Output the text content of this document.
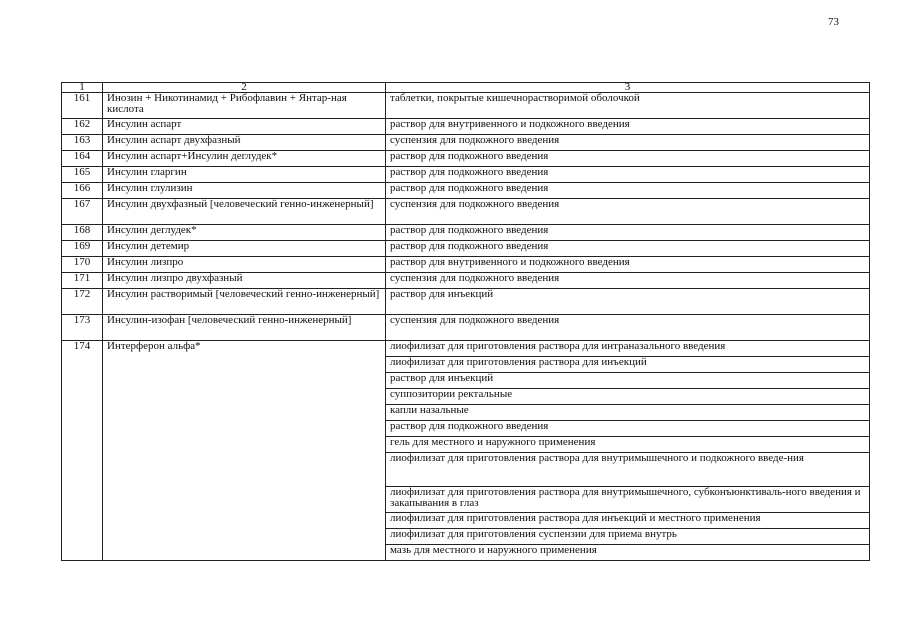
73
1	2	3
161	Инозин + Никотинамид + Рибофлавин + Янтар-ная кислота	таблетки, покрытые кишечнорастворимой оболочкой
162	Инсулин аспарт	раствор для внутривенного и подкожного введения
163	Инсулин аспарт двухфазный	суспензия для подкожного введения
164	Инсулин аспарт+Инсулин деглудек*	раствор для подкожного введения
165	Инсулин гларгин	раствор для подкожного введения
166	Инсулин глулизин	раствор для подкожного введения
167	Инсулин двухфазный [человеческий генно-инженерный]	суспензия для подкожного введения
168	Инсулин деглудек*	раствор для подкожного введения
169	Инсулин детемир	раствор для подкожного введения
170	Инсулин лизпро	раствор для внутривенного и подкожного введения
171	Инсулин лизпро двухфазный	суспензия для подкожного введения
172	Инсулин растворимый [человеческий генно-инженерный]	раствор для инъекций
173	Инсулин-изофан [человеческий генно-инженерный]	суспензия для подкожного введения
174	Интерферон альфа*	лиофилизат для приготовления раствора для интраназального введения
		лиофилизат для приготовления раствора для инъекций
		раствор для инъекций
		суппозитории ректальные
		капли назальные
		раствор для подкожного введения
		гель для местного и наружного применения
		лиофилизат для приготовления раствора для внутримышечного и подкожного введе-ния
		лиофилизат для приготовления раствора для внутримышечного, субконъюнктиваль-ного введения и закапывания в глаз
		лиофилизат для приготовления раствора для инъекций и местного применения
		лиофилизат для приготовления суспензии для приема внутрь
		мазь для местного и наружного применения
